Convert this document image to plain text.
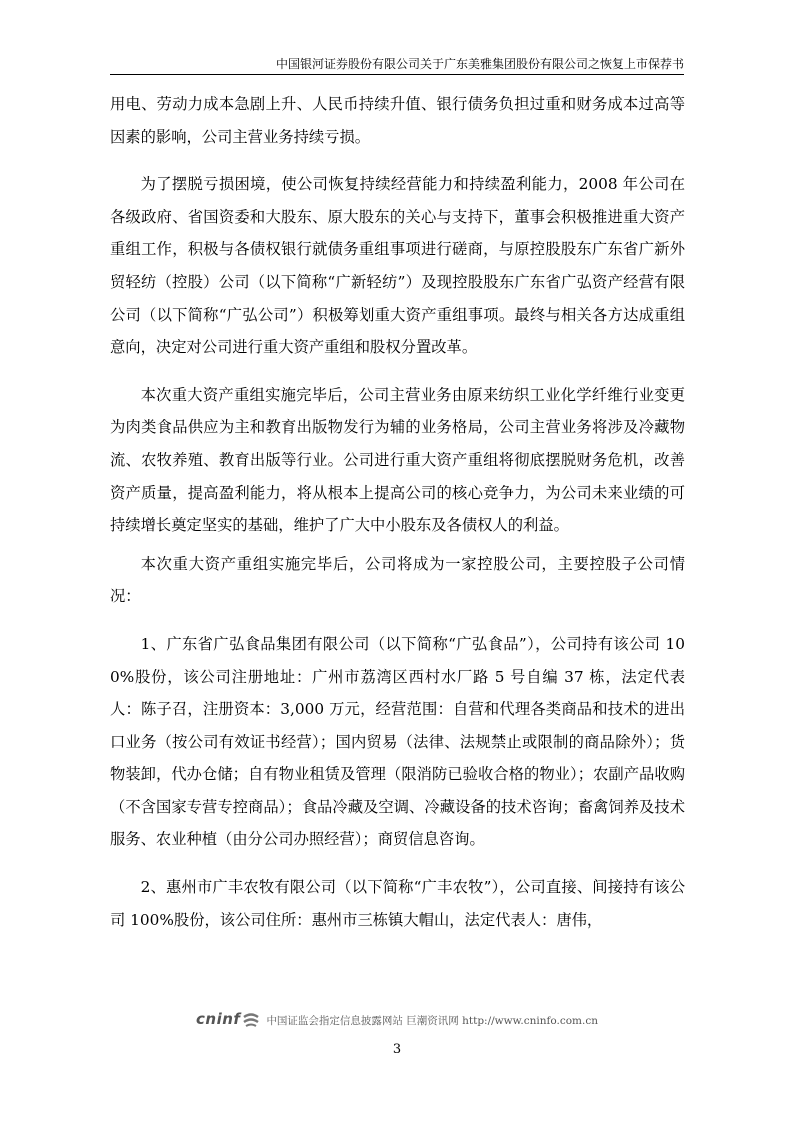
中国银河证券股份有限公司关于广东美雅集团股份有限公司之恢复上市保荐书

用电、劳动力成本急剧上升、人民币持续升值、银行债务负担过重和财务成本过高等因素的影响，公司主营业务持续亏损。

为了摆脱亏损困境，使公司恢复持续经营能力和持续盈利能力，2008 年公司在各级政府、省国资委和大股东、原大股东的关心与支持下，董事会积极推进重大资产重组工作，积极与各债权银行就债务重组事项进行磋商，与原控股股东广东省广新外贸轻纺（控股）公司（以下简称“广新轻纺”）及现控股股东广东省广弘资产经营有限公司（以下简称“广弘公司”）积极筹划重大资产重组事项。最终与相关各方达成重组意向，决定对公司进行重大资产重组和股权分置改革。

本次重大资产重组实施完毕后，公司主营业务由原来纺织工业化学纤维行业变更为肉类食品供应为主和教育出版物发行为辅的业务格局，公司主营业务将涉及冷藏物流、农牧养殖、教育出版等行业。公司进行重大资产重组将彻底摆脱财务危机，改善资产质量，提高盈利能力，将从根本上提高公司的核心竞争力，为公司未来业绩的可持续增长奠定坚实的基础，维护了广大中小股东及各债权人的利益。

本次重大资产重组实施完毕后，公司将成为一家控股公司，主要控股子公司情况：

1、广东省广弘食品集团有限公司（以下简称“广弘食品”），公司持有该公司 100%股份，该公司注册地址：广州市荔湾区西村水厂路 5 号自编 37 栋，法定代表人：陈子召，注册资本：3,000 万元，经营范围：自营和代理各类商品和技术的进出口业务（按公司有效证书经营）；国内贸易（法律、法规禁止或限制的商品除外）；货物装卸，代办仓储；自有物业租赁及管理（限消防已验收合格的物业）；农副产品收购（不含国家专营专控商品）；食品冷藏及空调、冷藏设备的技术咨询；畜禽饲养及技术服务、农业种植（由分公司办照经营）；商贸信息咨询。

2、惠州市广丰农牧有限公司（以下简称“广丰农牧”），公司直接、间接持有该公司 100%股份，该公司住所：惠州市三栋镇大帽山，法定代表人：唐伟，

cninf 中国证监会指定信息披露网站 巨潮资讯网 http://www.cninfo.com.cn
3
